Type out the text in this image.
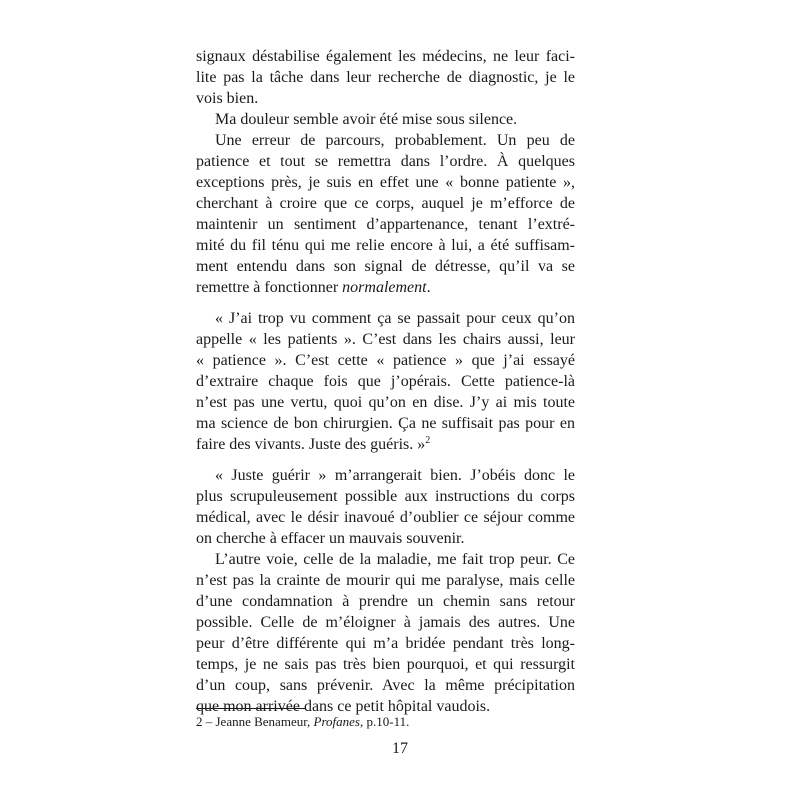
signaux déstabilise également les médecins, ne leur faci-
lite pas la tâche dans leur recherche de diagnostic, je le
vois bien.
Ma douleur semble avoir été mise sous silence.
Une erreur de parcours, probablement. Un peu de
patience et tout se remettra dans l’ordre. À quelques
exceptions près, je suis en effet une « bonne patiente »,
cherchant à croire que ce corps, auquel je m’efforce de
maintenir un sentiment d’appartenance, tenant l’extré-
mité du fil ténu qui me relie encore à lui, a été suffisam-
ment entendu dans son signal de détresse, qu’il va se
remettre à fonctionner normalement.
« J’ai trop vu comment ça se passait pour ceux qu’on
appelle « les patients ». C’est dans les chairs aussi, leur
« patience ». C’est cette « patience » que j’ai essayé
d’extraire chaque fois que j’opérais. Cette patience-là
n’est pas une vertu, quoi qu’on en dise. J’y ai mis toute
ma science de bon chirurgien. Ça ne suffisait pas pour en
faire des vivants. Juste des guéris. »$^2$
« Juste guérir » m’arrangerait bien. J’obéis donc le
plus scrupuleusement possible aux instructions du corps
médical, avec le désir inavoué d’oublier ce séjour comme
on cherche à effacer un mauvais souvenir.
L’autre voie, celle de la maladie, me fait trop peur. Ce
n’est pas la crainte de mourir qui me paralyse, mais celle
d’une condamnation à prendre un chemin sans retour
possible. Celle de m’éloigner à jamais des autres. Une
peur d’être différente qui m’a bridée pendant très long-
temps, je ne sais pas très bien pourquoi, et qui ressurgit
d’un coup, sans prévenir. Avec la même précipitation
que mon arrivée dans ce petit hôpital vaudois.
2 – Jeanne Benameur, Profanes, p.10-11.
17
